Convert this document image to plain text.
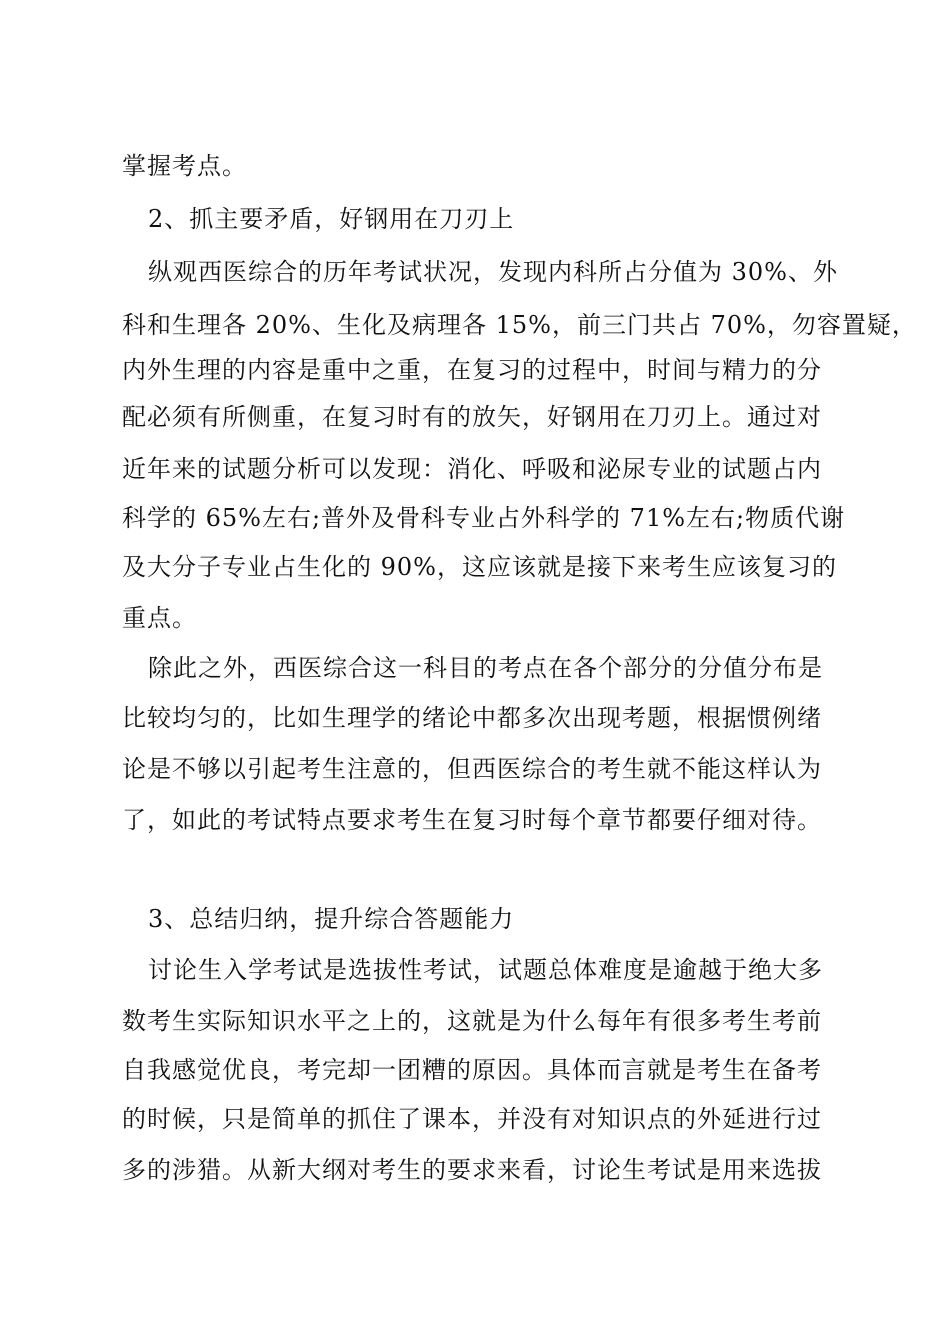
掌握考点。
2、抓主要矛盾，好钢用在刀刃上
纵观西医综合的历年考试状况，发现内科所占分值为 30%、外
科和生理各 20%、生化及病理各 15%，前三门共占 70%，勿容置疑，
内外生理的内容是重中之重，在复习的过程中，时间与精力的分
配必须有所侧重，在复习时有的放矢，好钢用在刀刃上。通过对
近年来的试题分析可以发现：消化、呼吸和泌尿专业的试题占内
科学的 65%左右;普外及骨科专业占外科学的 71%左右;物质代谢
及大分子专业占生化的 90%，这应该就是接下来考生应该复习的
重点。
除此之外，西医综合这一科目的考点在各个部分的分值分布是
比较均匀的，比如生理学的绪论中都多次出现考题，根据惯例绪
论是不够以引起考生注意的，但西医综合的考生就不能这样认为
了，如此的考试特点要求考生在复习时每个章节都要仔细对待。
3、总结归纳，提升综合答题能力
讨论生入学考试是选拔性考试，试题总体难度是逾越于绝大多
数考生实际知识水平之上的，这就是为什么每年有很多考生考前
自我感觉优良，考完却一团糟的原因。具体而言就是考生在备考
的时候，只是简单的抓住了课本，并没有对知识点的外延进行过
多的涉猎。从新大纲对考生的要求来看，讨论生考试是用来选拔
